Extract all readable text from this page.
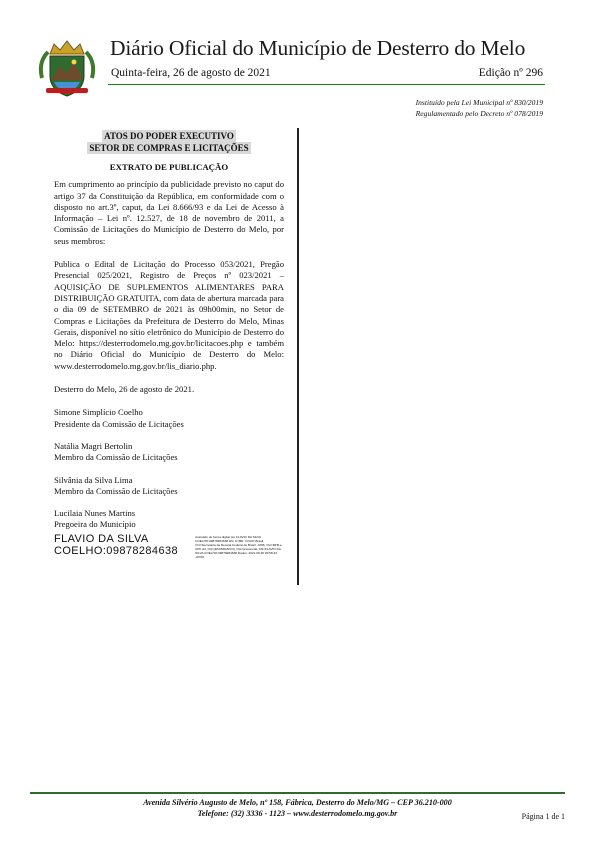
Diário Oficial do Município de Desterro do Melo
Quinta-feira, 26 de agosto de 2021	Edição nº 296
Instituído pela Lei Municipal nº 830/2019
Regulamentado pelo Decreto nº 078/2019
ATOS DO PODER EXECUTIVO
SETOR DE COMPRAS E LICITAÇÕES
EXTRATO DE PUBLICAÇÃO

Em cumprimento ao princípio da publicidade previsto no caput do artigo 37 da Constituição da República, em conformidade com o disposto no art.3º, caput, da Lei 8.666/93 e da Lei de Acesso à Informação – Lei nº. 12.527, de 18 de novembro de 2011, a Comissão de Licitações do Município de Desterro do Melo, por seus membros:

Publica o Edital de Licitação do Processo 053/2021, Pregão Presencial 025/2021, Registro de Preços nº 023/2021 – AQUISIÇÃO DE SUPLEMENTOS ALIMENTARES PARA DISTRIBUIÇÃO GRATUITA, com data de abertura marcada para o dia 09 de SETEMBRO de 2021 às 09h00min, no Setor de Compras e Licitações da Prefeitura de Desterro do Melo, Minas Gerais, disponível no sítio eletrônico do Município de Desterro do Melo: https://desterrodomelo.mg.gov.br/licitacoes.php e também no Diário Oficial do Município de Desterro do Melo: www.desterrodomelo.mg.gov.br/lis_diario.php.

Desterro do Melo, 26 de agosto de 2021.

Simone Simplício Coelho
Presidente da Comissão de Licitações
Natália Magri Bertolin
Membro da Comissão de Licitações
Silvânia da Silva Lima
Membro da Comissão de Licitações
Lucilaia Nunes Martins
Pregoeira do Município
FLAVIO DA SILVA
COELHO:09878284638
Assinado de forma digital por FLAVIO DA SILVA COELHO:09878284638 DN: C=BR, O=ICP-Brasil, OU=Secretaria da Receita Federal do Brasil - RFB, OU=RFB e-CPF A3, OU=(EM BRANCO), OU=presencial, CN=FLAVIO DA SILVA COELHO:09878284638 Dados: 2021.08.26 09:58:43 -03'00'
Avenida Silvério Augusto de Melo, nº 158, Fábrica, Desterro do Melo/MG – CEP 36.210-000
Telefone: (32) 3336 - 1123 – www.desterrodomelo.mg.gov.br	Página 1 de 1
